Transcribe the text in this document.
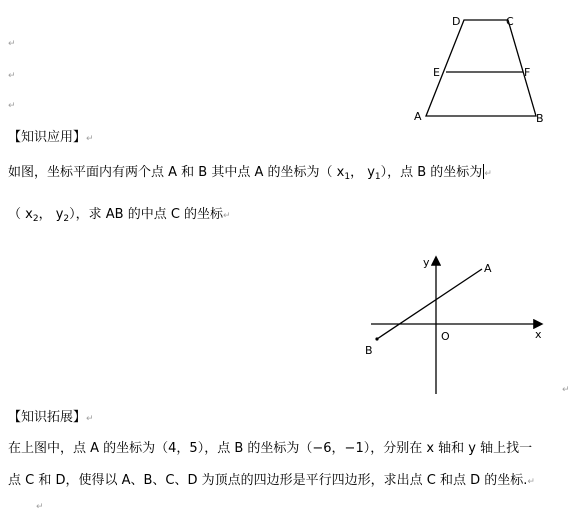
↵
↵
↵
D	C
E	F
A	B
【知识应用】↵
如图，坐标平面内有两个点 A 和 B 其中点 A 的坐标为（ $x_1$， $y_1$），点 B 的坐标为 ↵
（ $x_2$， $y_2$），求 AB 的中点 C 的坐标↵
y
x
O
A
B
↵
【知识拓展】↵
在上图中，点 A 的坐标为（4，5），点 B 的坐标为（−6，−1），分别在 x 轴和 y 轴上找一
点 C 和 D，使得以 A、B、C、D 为顶点的四边形是平行四边形，求出点 C 和点 D 的坐标.↵
↵
